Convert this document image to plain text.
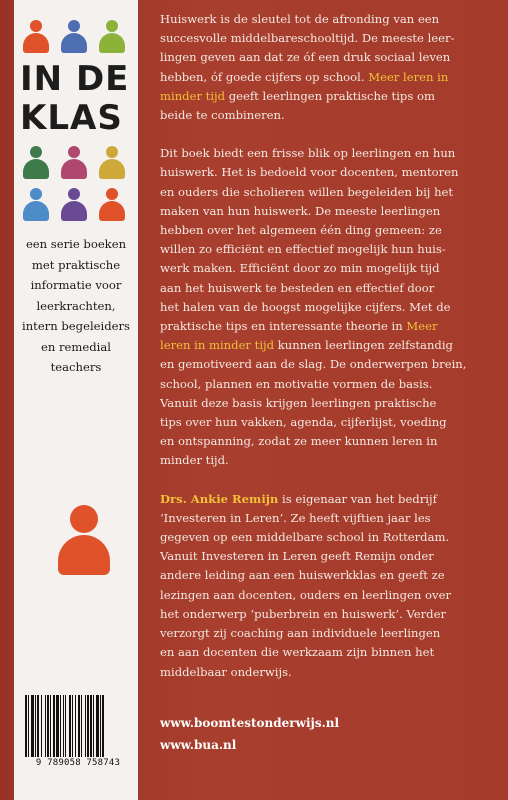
IN DE
KLAS
een serie boeken
met praktische
informatie voor
leerkrachten,
intern begeleiders
en remedial
teachers
9 789058 758743

Huiswerk is de sleutel tot de afronding van een
succesvolle middelbareschooltijd. De meeste leer-
lingen geven aan dat ze óf een druk sociaal leven
hebben, óf goede cijfers op school. Meer leren in
minder tijd geeft leerlingen praktische tips om
beide te combineren.

Dit boek biedt een frisse blik op leerlingen en hun
huiswerk. Het is bedoeld voor docenten, mentoren
en ouders die scholieren willen begeleiden bij het
maken van hun huiswerk. De meeste leerlingen
hebben over het algemeen één ding gemeen: ze
willen zo efficiënt en effectief mogelijk hun huis-
werk maken. Efficiënt door zo min mogelijk tijd
aan het huiswerk te besteden en effectief door
het halen van de hoogst mogelijke cijfers. Met de
praktische tips en interessante theorie in Meer
leren in minder tijd kunnen leerlingen zelfstandig
en gemotiveerd aan de slag. De onderwerpen brein,
school, plannen en motivatie vormen de basis.
Vanuit deze basis krijgen leerlingen praktische
tips over hun vakken, agenda, cijferlijst, voeding
en ontspanning, zodat ze meer kunnen leren in
minder tijd.

Drs. Ankie Remijn is eigenaar van het bedrijf
‘Investeren in Leren’. Ze heeft vijftien jaar les
gegeven op een middelbare school in Rotterdam.
Vanuit Investeren in Leren geeft Remijn onder
andere leiding aan een huiswerkklas en geeft ze
lezingen aan docenten, ouders en leerlingen over
het onderwerp ‘puberbrein en huiswerk’. Verder
verzorgt zij coaching aan individuele leerlingen
en aan docenten die werkzaam zijn binnen het
middelbaar onderwijs.

www.boomtestonderwijs.nl
www.bua.nl
